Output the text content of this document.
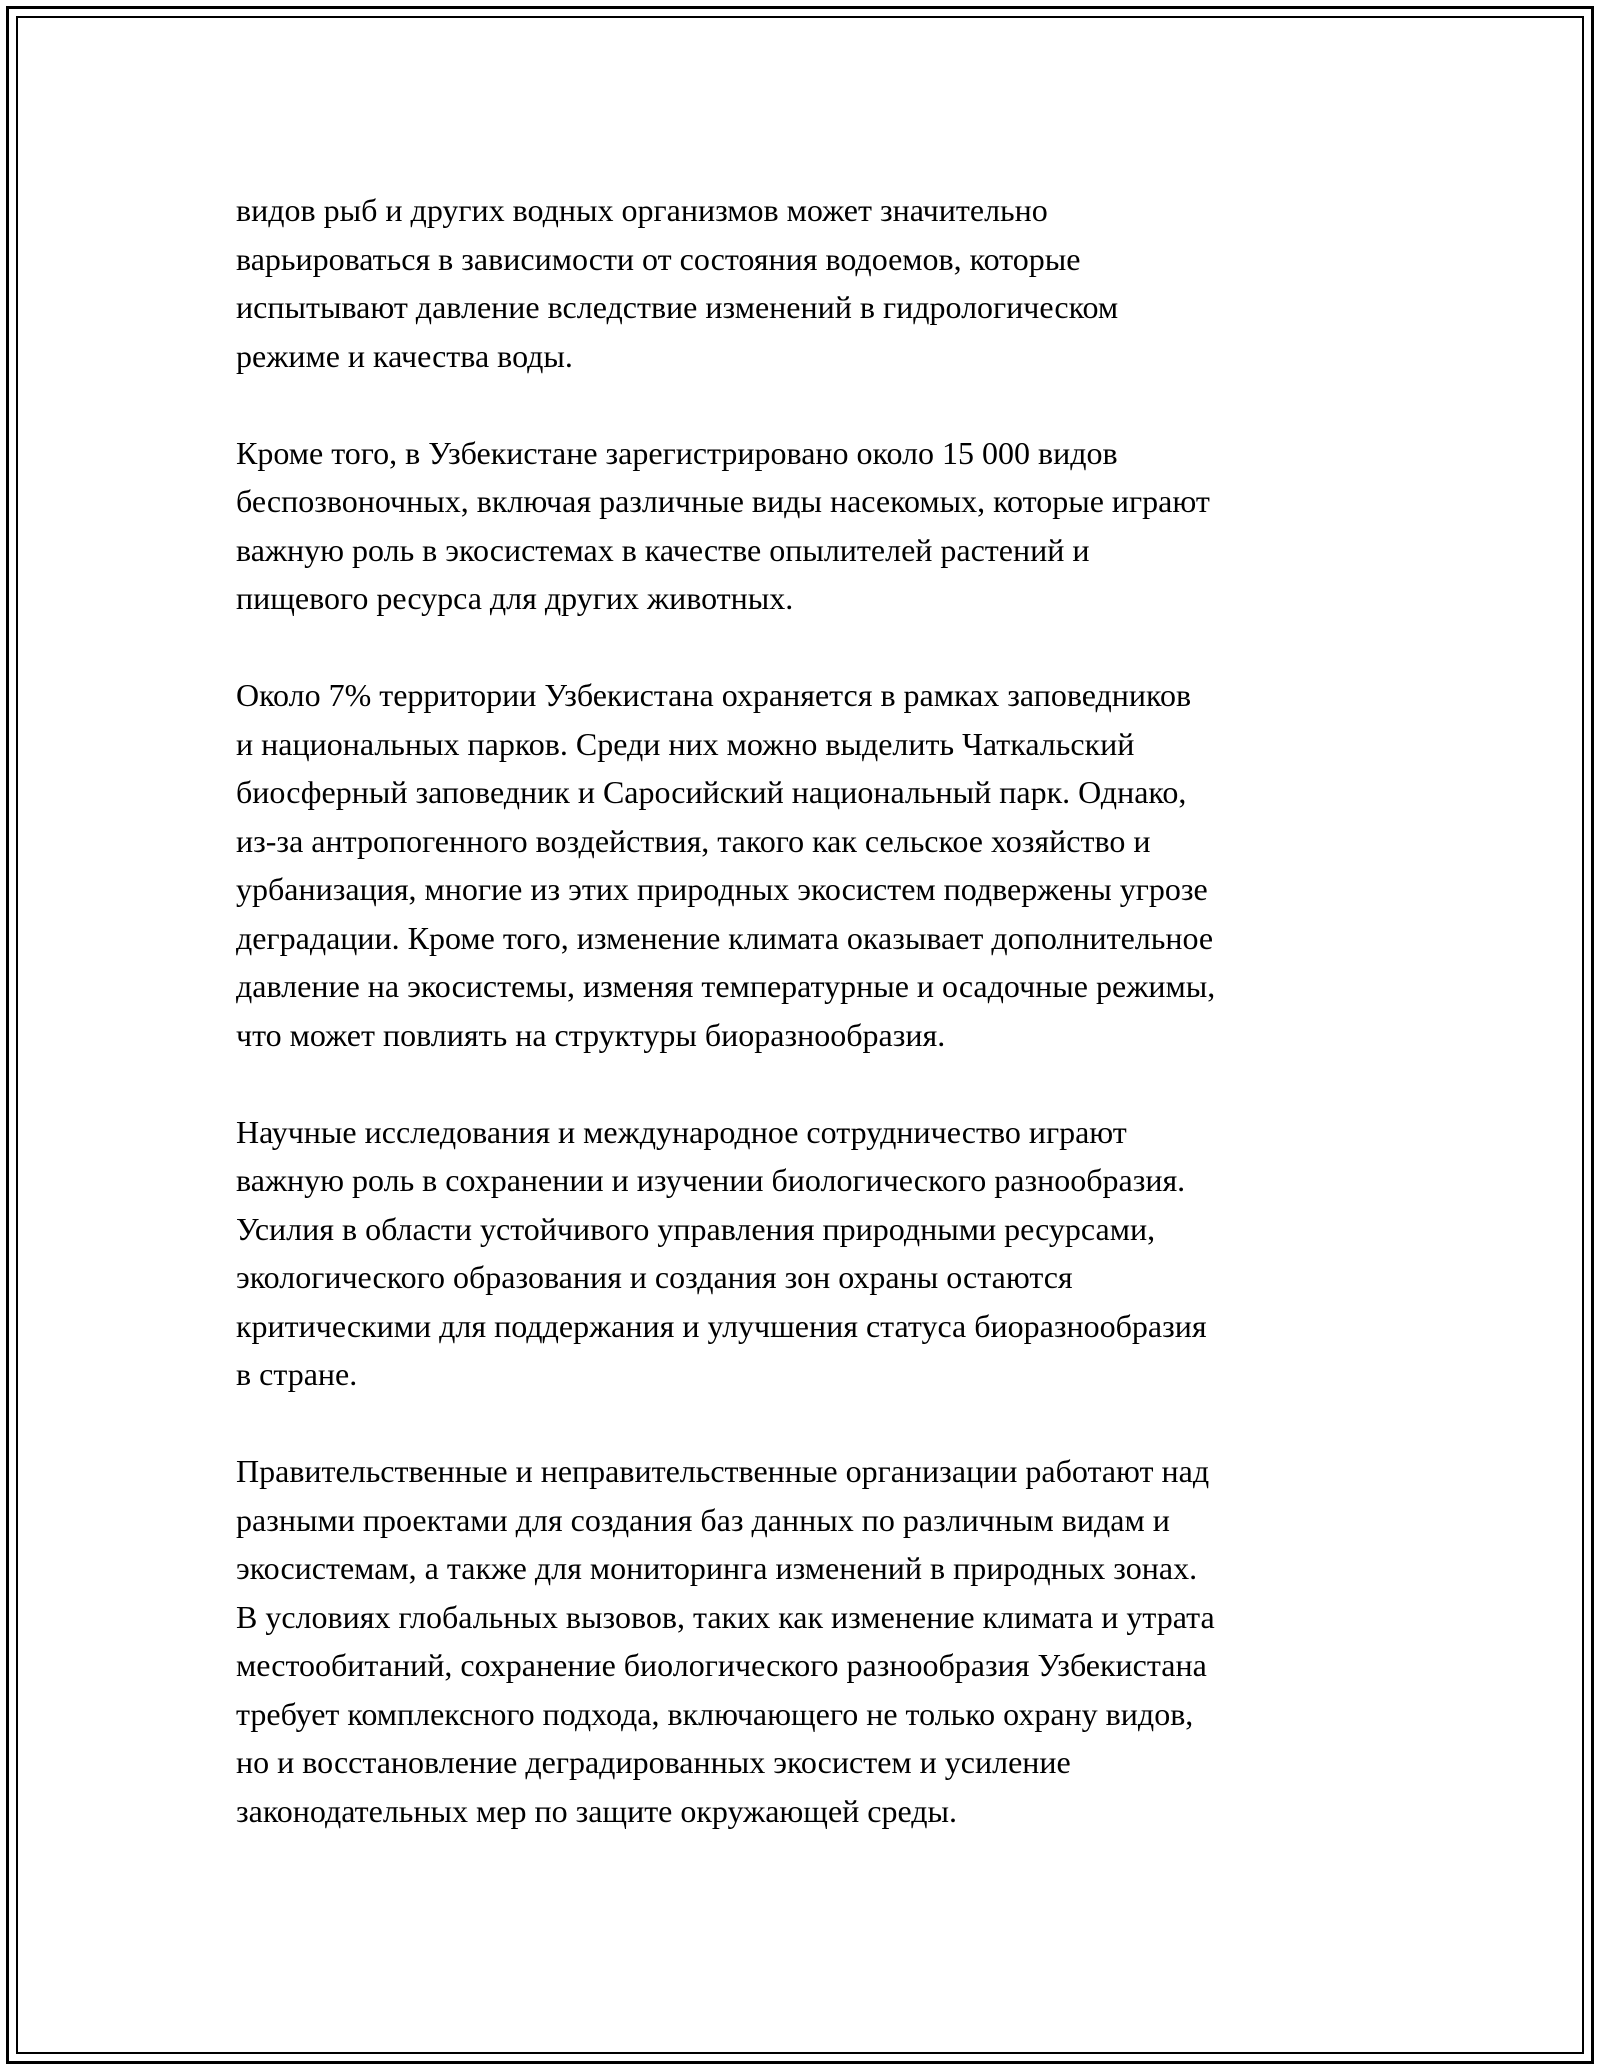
видов рыб и других водных организмов может значительно
варьироваться в зависимости от состояния водоемов, которые
испытывают давление вследствие изменений в гидрологическом
режиме и качества воды.

Кроме того, в Узбекистане зарегистрировано около 15 000 видов
беспозвоночных, включая различные виды насекомых, которые играют
важную роль в экосистемах в качестве опылителей растений и
пищевого ресурса для других животных.

Около 7% территории Узбекистана охраняется в рамках заповедников
и национальных парков. Среди них можно выделить Чаткальский
биосферный заповедник и Саросийский национальный парк. Однако,
из-за антропогенного воздействия, такого как сельское хозяйство и
урбанизация, многие из этих природных экосистем подвержены угрозе
деградации. Кроме того, изменение климата оказывает дополнительное
давление на экосистемы, изменяя температурные и осадочные режимы,
что может повлиять на структуры биоразнообразия.

Научные исследования и международное сотрудничество играют
важную роль в сохранении и изучении биологического разнообразия.
Усилия в области устойчивого управления природными ресурсами,
экологического образования и создания зон охраны остаются
критическими для поддержания и улучшения статуса биоразнообразия
в стране.

Правительственные и неправительственные организации работают над
разными проектами для создания баз данных по различным видам и
экосистемам, а также для мониторинга изменений в природных зонах.
В условиях глобальных вызовов, таких как изменение климата и утрата
местообитаний, сохранение биологического разнообразия Узбекистана
требует комплексного подхода, включающего не только охрану видов,
но и восстановление деградированных экосистем и усиление
законодательных мер по защите окружающей среды.
